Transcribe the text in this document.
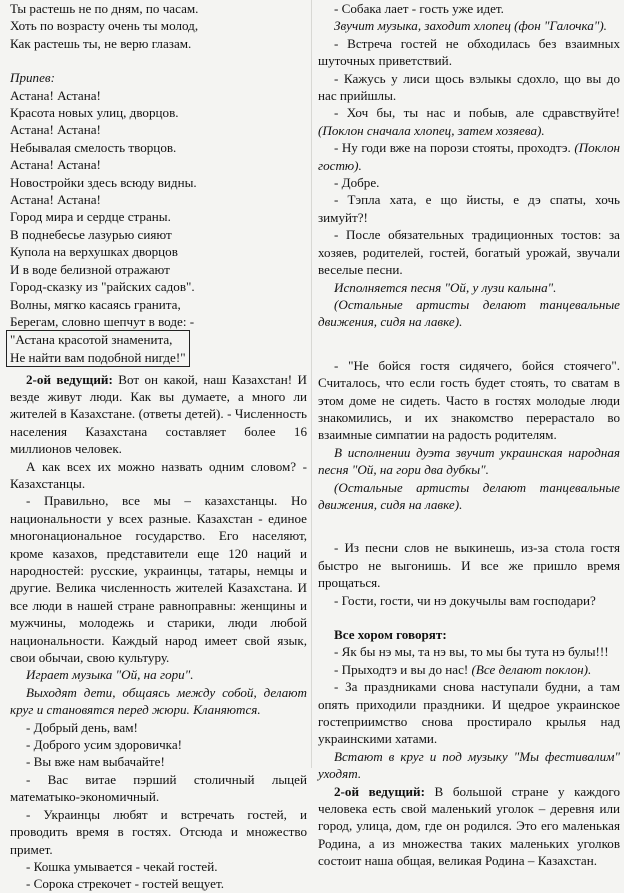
Ты растешь не по дням, по часам.
Хоть по возрасту очень ты молод,
Как растешь ты, не верю глазам.
Припев:
Астана! Астана!
Красота новых улиц, дворцов.
Астана! Астана!
Небывалая смелость творцов.
Астана! Астана!
Новостройки здесь всюду видны.
Астана! Астана!
Город мира и сердце страны.
В поднебесье лазурью сияют
Купола на верхушках дворцов
И в воде белизной отражают
Город-сказку из "райских садов".
Волны, мягко касаясь гранита,
Берегам, словно шепчут в воде: -
"Астана красотой знаменита,
Не найти вам подобной нигде!"
2-ой ведущий: Вот он какой, наш Казахстан! И везде живут люди. Как вы думаете, а много ли жителей в Казахстане. (ответы детей). - Численность населения Казахстана составляет более 16 миллионов человек.
А как всех их можно назвать одним словом? - Казахстанцы.
- Правильно, все мы – казахстанцы. Но национальности у всех разные. Казахстан - единое многонациональное государство. Его населяют, кроме казахов, представители еще 120 наций и народностей: русские, украинцы, татары, немцы и другие. Велика численность жителей Казахстана. И все люди в нашей стране равноправны: женщины и мужчины, молодежь и старики, люди любой национальности. Каждый народ имеет свой язык, свои обычаи, свою культуру.
Играет музыка "Ой, на гори".
Выходят дети, общаясь между собой, делают круг и становятся перед жюри. Кланяются.
- Добрый день, вам!
- Доброго усим здоровичка!
- Вы вже нам выбачайте!
- Вас витае пэрший столичный лыцей математыко-экономичный.
- Украинцы любят и встречать гостей, и проводить время в гостях. Отсюда и множество примет.
- Кошка умывается - чекай гостей.
- Сорока стрекочет - гостей вещует.
- Собака лает - гость уже идет.
Звучит музыка, заходит хлопец (фон "Галочка").
- Встреча гостей не обходилась без взаимных шуточных приветствий.
- Кажусь у лиси щось вэлыкы сдохло, що вы до нас прийшлы.
- Хоч бы, ты нас и побыв, але сдравствуйте! (Поклон сначала хлопец, затем хозяева).
- Ну годи вже на порози стояты, проходтэ. (Поклон гостю).
- Добре.
- Тэпла хата, е що йисты, е дэ спаты, хочь зимуйт?!
- После обязательных традиционных тостов: за хозяев, родителей, гостей, богатый урожай, звучали веселые песни.
Исполняется песня "Ой, у лузи калына".
(Остальные артисты делают танцевальные движения, сидя на лавке).
- "Не бойся гостя сидячего, бойся стоячего". Считалось, что если гость будет стоять, то сватам в этом доме не сидеть. Часто в гостях молодые люди знакомились, и их знакомство перерастало во взаимные симпатии на радость родителям.
В исполнении дуэта звучит украинская народная песня "Ой, на гори два дубкы".
(Остальные артисты делают танцевальные движения, сидя на лавке).
- Из песни слов не выкинешь, из-за стола гостя быстро не выгонишь. И все же пришло время прощаться.
- Гости, гости, чи нэ докучылы вам господари?
Все хором говорят:
- Як бы нэ мы, та нэ вы, то мы бы тута нэ булы!!!
- Прыходтэ и вы до нас! (Все делают поклон).
- За праздниками снова наступали будни, а там опять приходили праздники. И щедрое украинское гостеприимство снова простирало крылья над украинскими хатами.
Встают в круг и под музыку "Мы фестивалим" уходят.
2-ой ведущий: В большой стране у каждого человека есть свой маленький уголок – деревня или город, улица, дом, где он родился. Это его маленькая Родина, а из множества таких маленьких уголков состоит наша общая, великая Родина – Казахстан.
